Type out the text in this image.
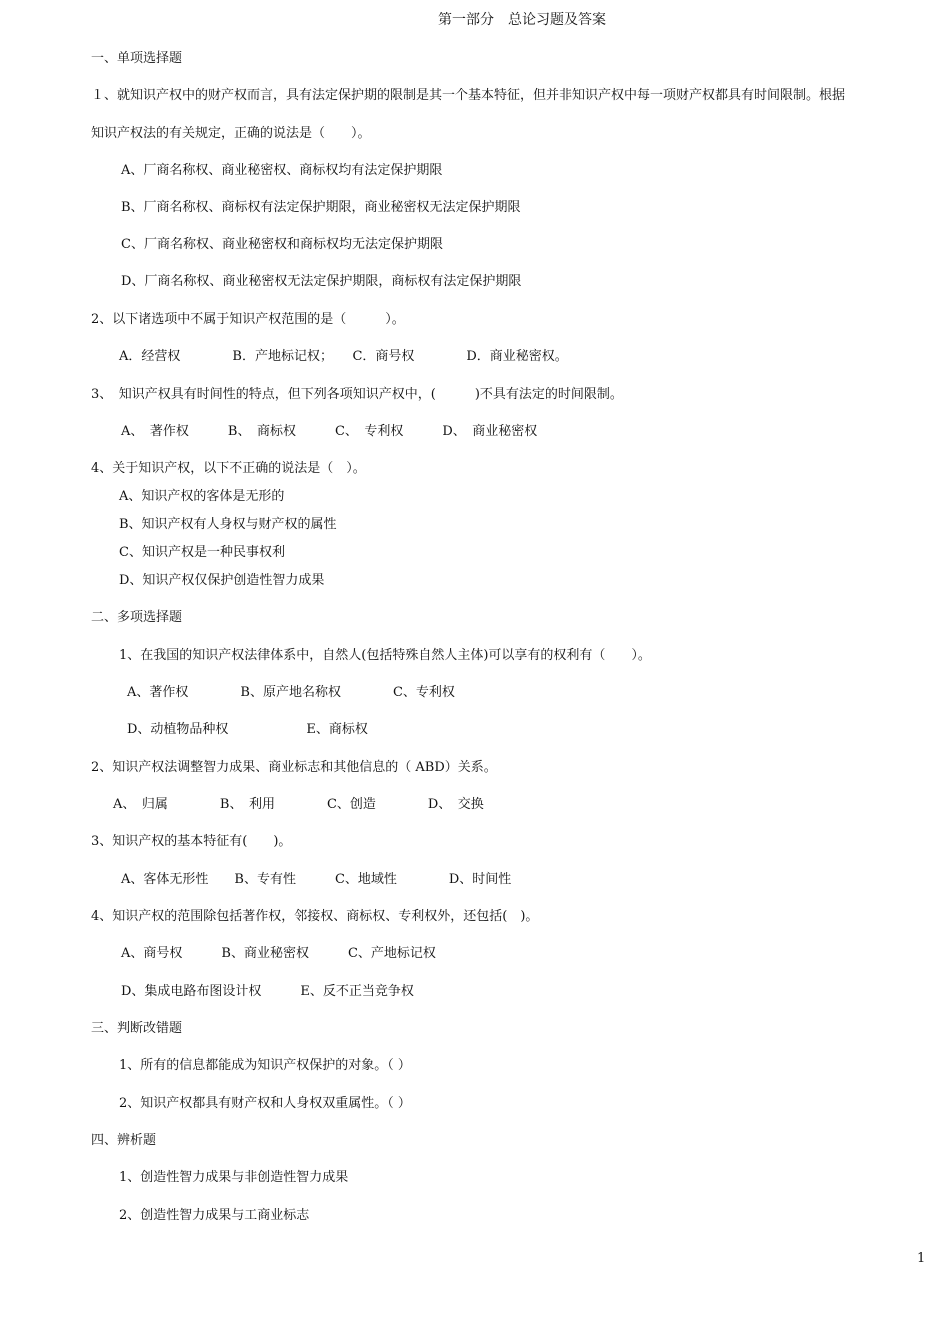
第一部分　总论习题及答案
一、单项选择题
１、就知识产权中的财产权而言，具有法定保护期的限制是其一个基本特征，但并非知识产权中每一项财产权都具有时间限制。根据
知识产权法的有关规定，正确的说法是（　　）。
A、厂商名称权、商业秘密权、商标权均有法定保护期限
B、厂商名称权、商标权有法定保护期限，商业秘密权无法定保护期限
C、厂商名称权、商业秘密权和商标权均无法定保护期限
D、厂商名称权、商业秘密权无法定保护期限，商标权有法定保护期限
2、以下诸选项中不属于知识产权范围的是（　　　）。
A．经营权　　　　B．产地标记权；　　C．商号权　　　　D．商业秘密权。
3、　知识产权具有时间性的特点，但下列各项知识产权中，(　　　)不具有法定的时间限制。
A、　著作权　　　B、　商标权　　　C、　专利权　　　D、　商业秘密权
4、关于知识产权，以下不正确的说法是（　）。
A、知识产权的客体是无形的
B、知识产权有人身权与财产权的属性
C、知识产权是一种民事权利
D、知识产权仅保护创造性智力成果
二、多项选择题
1、在我国的知识产权法律体系中，自然人(包括特殊自然人主体)可以享有的权利有（　　）。
A、著作权　　　　B、原产地名称权　　　　C、专利权
D、动植物品种权　　　　　　E、商标权
2、知识产权法调整智力成果、商业标志和其他信息的（ ABD）关系。
A、　归属　　　　B、　利用　　　　C、创造　　　　D、　交换
3、知识产权的基本特征有(　　)。
A、客体无形性　　B、专有性　　　C、地域性　　　　D、时间性
4、知识产权的范围除包括著作权，邻接权、商标权、专利权外，还包括(　)。
A、商号权　　　B、商业秘密权　　　C、产地标记权
D、集成电路布图设计权　　　E、反不正当竞争权
三、判断改错题
1、所有的信息都能成为知识产权保护的对象。（ ）
2、知识产权都具有财产权和人身权双重属性。（ ）
四、辨析题
1、创造性智力成果与非创造性智力成果
2、创造性智力成果与工商业标志
1
